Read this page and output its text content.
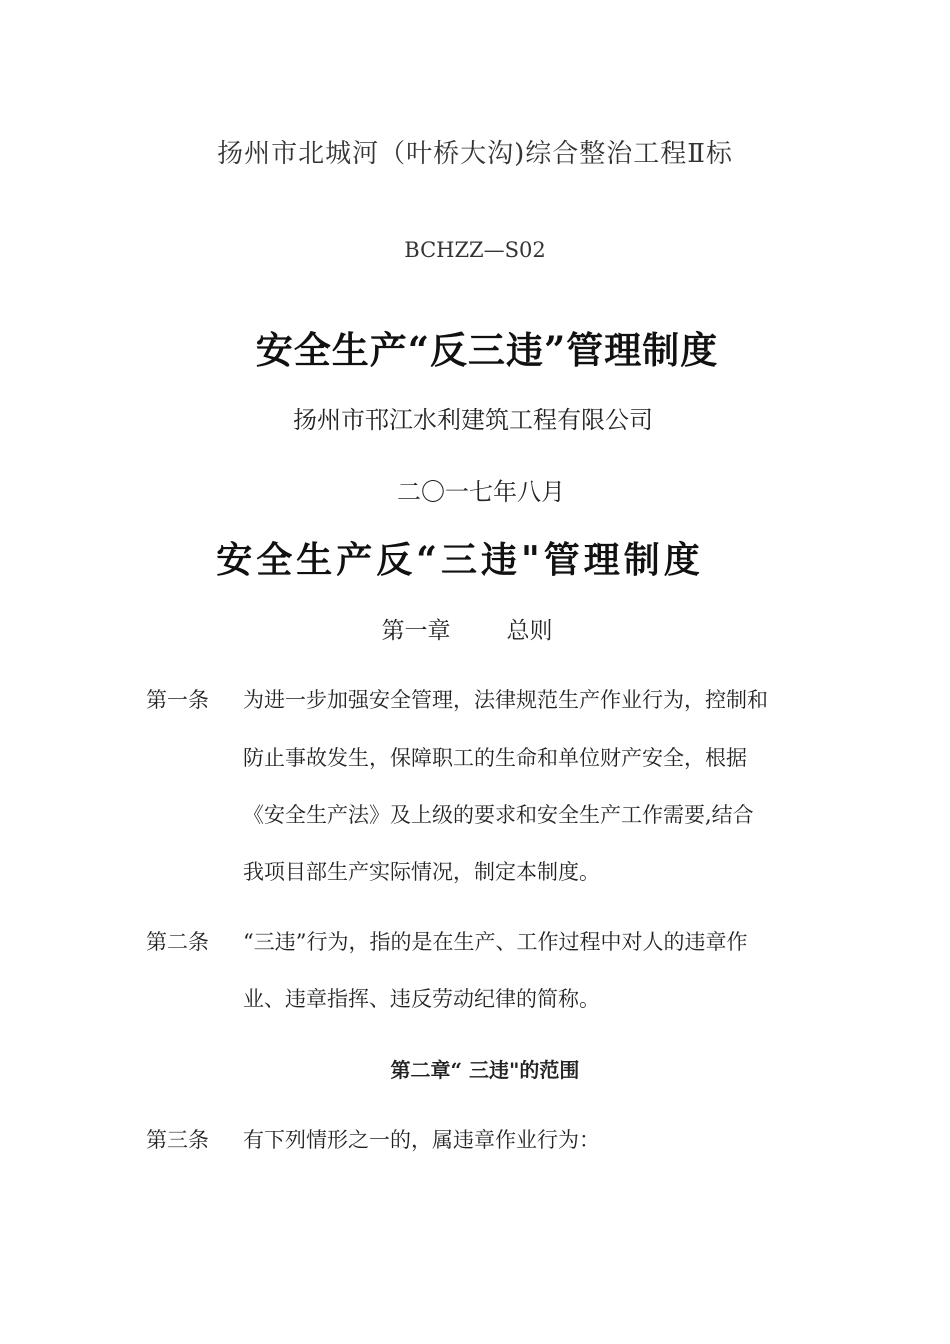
扬州市北城河（叶桥大沟)综合整治工程Ⅱ标
BCHZZ—S02
安全生产“反三违”管理制度
扬州市邗江水利建筑工程有限公司
二〇一七年八月
安全生产反“三违"管理制度
第一章 总则
第一条 为进一步加强安全管理，法律规范生产作业行为，控制和
防止事故发生，保障职工的生命和单位财产安全，根据
《安全生产法》及上级的要求和安全生产工作需要,结合
我项目部生产实际情况，制定本制度。
第二条 “三违”行为，指的是在生产、工作过程中对人的违章作
业、违章指挥、违反劳动纪律的简称。
第二章“ 三违"的范围
第三条 有下列情形之一的，属违章作业行为：
